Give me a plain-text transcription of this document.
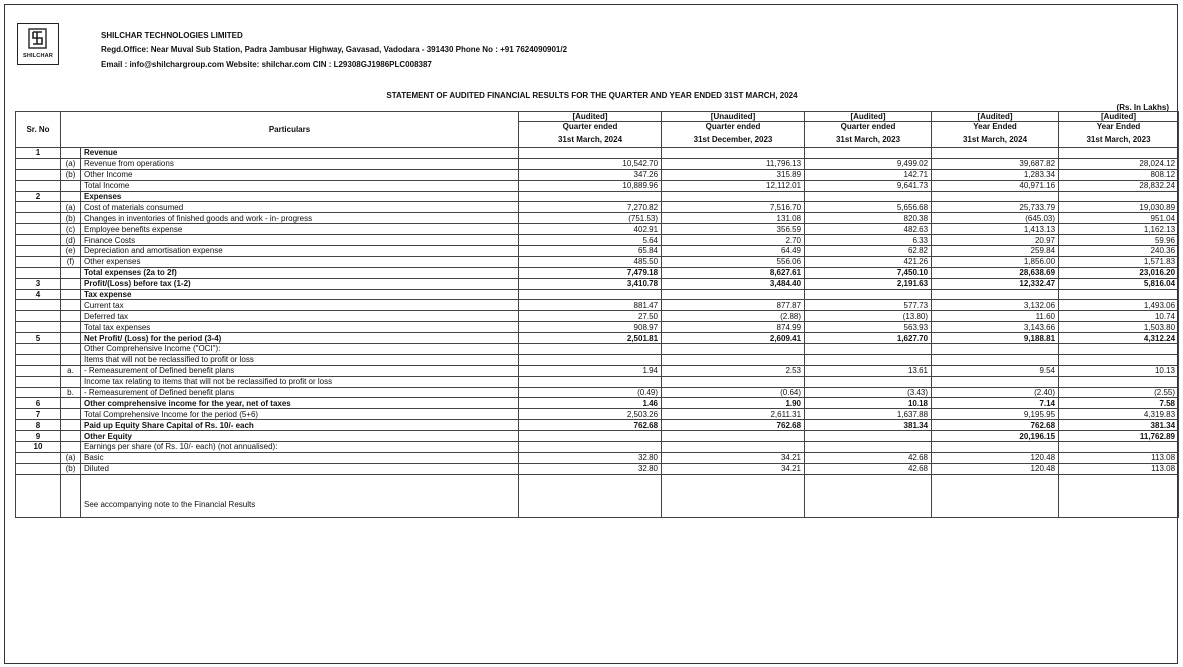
SHILCHAR
SHILCHAR TECHNOLOGIES LIMITED
Regd.Office: Near Muval Sub Station, Padra Jambusar Highway, Gavasad, Vadodara - 391430 Phone No : +91 7624090901/2
Email : info@shilchargroup.com Website: shilchar.com CIN : L29308GJ1986PLC008387
STATEMENT OF AUDITED FINANCIAL RESULTS FOR THE QUARTER AND YEAR ENDED 31ST MARCH, 2024
(Rs. In Lakhs)
Sr. No	Particulars		[Audited]	[Unaudited]	[Audited]	[Audited]	[Audited]
			Quarter ended	Quarter ended	Quarter ended	Year Ended	Year Ended
			31st March, 2024	31st December, 2023	31st March, 2023	31st March, 2024	31st March, 2023
1		Revenue					
	(a)	Revenue from operations	10,542.70	11,796.13	9,499.02	39,687.82	28,024.12
	(b)	Other Income	347.26	315.89	142.71	1,283.34	808.12
		Total Income	10,889.96	12,112.01	9,641.73	40,971.16	28,832.24
2		Expenses					
	(a)	Cost of materials consumed	7,270.82	7,516.70	5,656.68	25,733.79	19,030.89
	(b)	Changes in inventories of finished goods and work - in- progress	(751.53)	131.08	820.38	(645.03)	951.04
	(c)	Employee benefits expense	402.91	356.59	482.63	1,413.13	1,162.13
	(d)	Finance Costs	5.64	2.70	6.33	20.97	59.96
	(e)	Depreciation and amortisation expense	65.84	64.49	62.82	259.84	240.36
	(f)	Other expenses	485.50	556.06	421.26	1,856.00	1,571.83
		Total expenses (2a to 2f)	7,479.18	8,627.61	7,450.10	28,638.69	23,016.20
3		Profit/(Loss) before tax (1-2)	3,410.78	3,484.40	2,191.63	12,332.47	5,816.04
4		Tax expense					
		Current tax	881.47	877.87	577.73	3,132.06	1,493.06
		Deferred tax	27.50	(2.88)	(13.80)	11.60	10.74
		Total tax expenses	908.97	874.99	563.93	3,143.66	1,503.80
5		Net Profit/ (Loss) for the period (3-4)	2,501.81	2,609.41	1,627.70	9,188.81	4,312.24
		Other Comprehensive Income ("OCI"):					
		Items that will not be reclassified to profit or loss					
	a.	- Remeasurement of Defined benefit plans	1.94	2.53	13.61	9.54	10.13
		Income tax relating to items that will not be reclassified to profit or loss					
	b.	- Remeasurement of Defined benefit plans	(0.49)	(0.64)	(3.43)	(2.40)	(2.55)
6		Other comprehensive income for the year, net of taxes	1.46	1.90	10.18	7.14	7.58
7		Total Comprehensive Income for the period (5+6)	2,503.26	2,611.31	1,637.88	9,195.95	4,319.83
8		Paid up Equity Share Capital of Rs. 10/- each	762.68	762.68	381.34	762.68	381.34
9		Other Equity				20,196.15	11,762.89
10		Earnings per share (of Rs. 10/- each) (not annualised):					
	(a)	Basic	32.80	34.21	42.68	120.48	113.08
	(b)	Diluted	32.80	34.21	42.68	120.48	113.08
		See accompanying note to the Financial Results					
